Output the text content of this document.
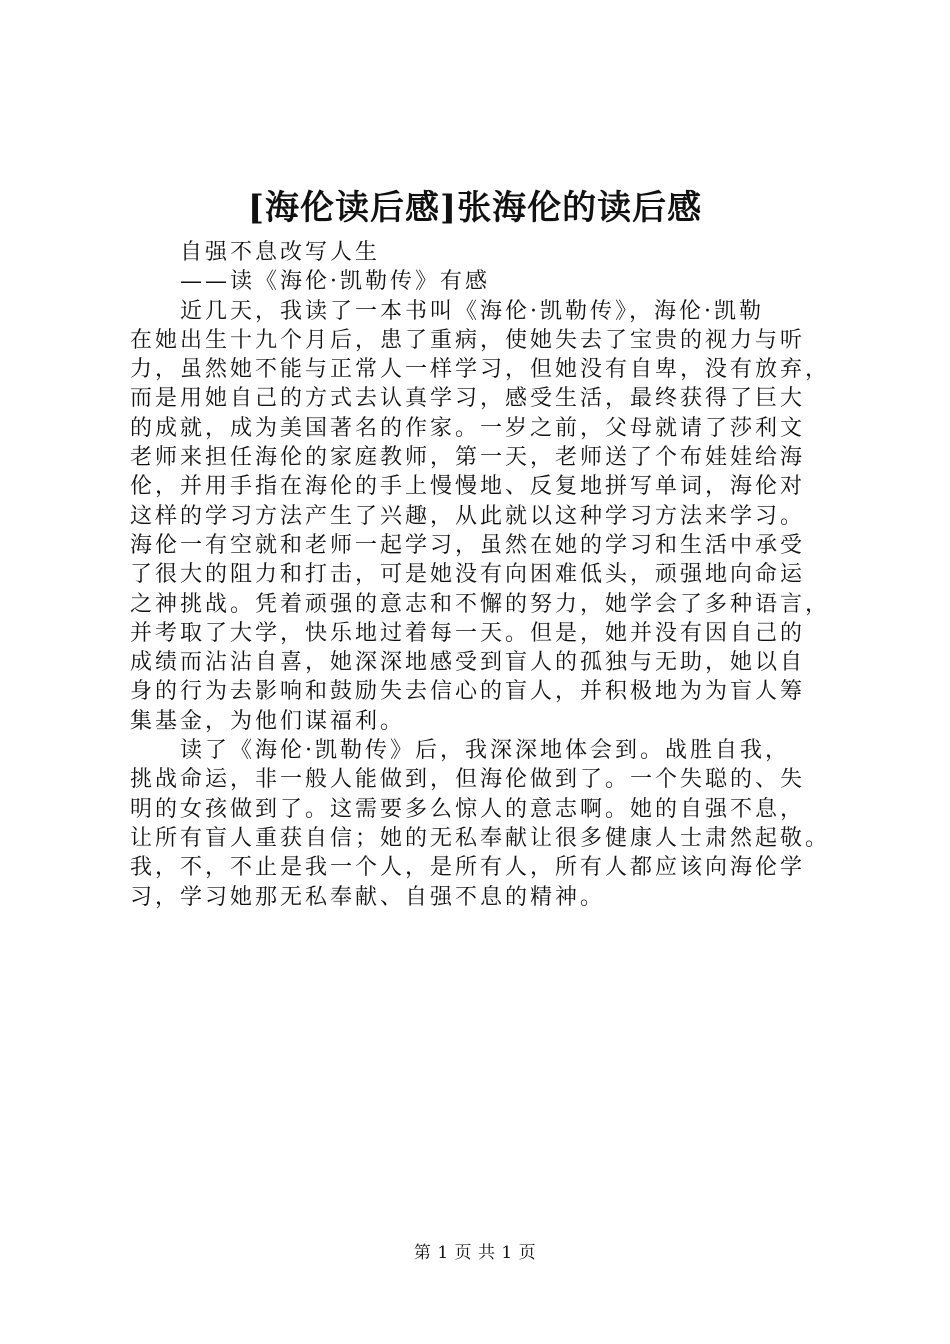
[海伦读后感]张海伦的读后感
自强不息改写人生
——读《海伦·凯勒传》有感
近几天，我读了一本书叫《海伦·凯勒传》，海伦·凯勒
在她出生十九个月后，患了重病，使她失去了宝贵的视力与听
力，虽然她不能与正常人一样学习，但她没有自卑，没有放弃，
而是用她自己的方式去认真学习，感受生活，最终获得了巨大
的成就，成为美国著名的作家。一岁之前，父母就请了莎利文
老师来担任海伦的家庭教师，第一天，老师送了个布娃娃给海
伦，并用手指在海伦的手上慢慢地、反复地拼写单词，海伦对
这样的学习方法产生了兴趣，从此就以这种学习方法来学习。
海伦一有空就和老师一起学习，虽然在她的学习和生活中承受
了很大的阻力和打击，可是她没有向困难低头，顽强地向命运
之神挑战。凭着顽强的意志和不懈的努力，她学会了多种语言，
并考取了大学，快乐地过着每一天。但是，她并没有因自己的
成绩而沾沾自喜，她深深地感受到盲人的孤独与无助，她以自
身的行为去影响和鼓励失去信心的盲人，并积极地为为盲人筹
集基金，为他们谋福利。
读了《海伦·凯勒传》后，我深深地体会到。战胜自我，
挑战命运，非一般人能做到，但海伦做到了。一个失聪的、失
明的女孩做到了。这需要多么惊人的意志啊。她的自强不息，
让所有盲人重获自信；她的无私奉献让很多健康人士肃然起敬。
我，不，不止是我一个人，是所有人，所有人都应该向海伦学
习，学习她那无私奉献、自强不息的精神。
第 1 页 共 1 页
